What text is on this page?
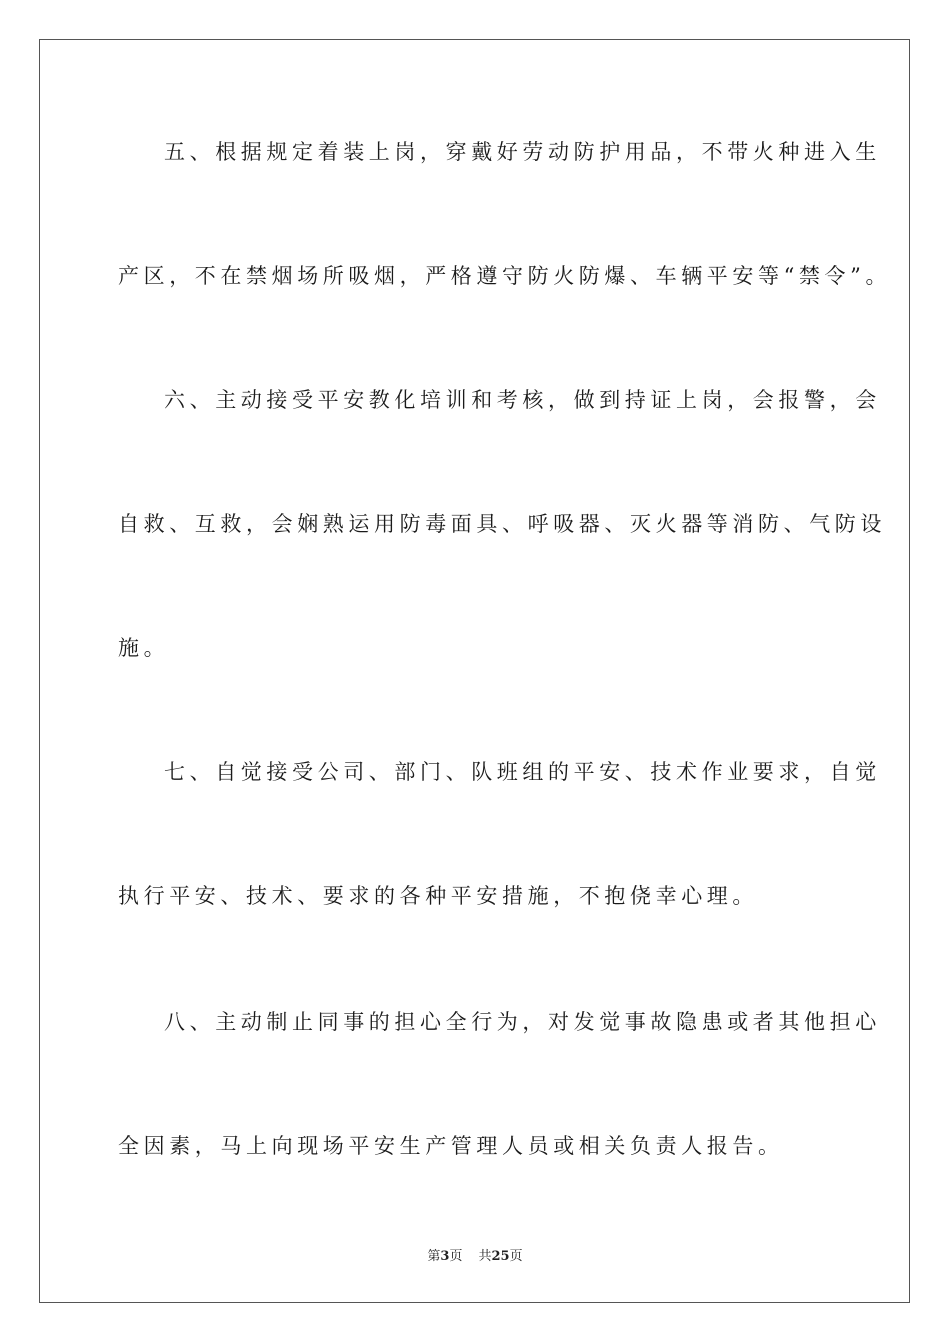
五、根据规定着装上岗，穿戴好劳动防护用品，不带火种进入生
产区，不在禁烟场所吸烟，严格遵守防火防爆、车辆平安等“禁令”。
六、主动接受平安教化培训和考核，做到持证上岗，会报警，会
自救、互救，会娴熟运用防毒面具、呼吸器、灭火器等消防、气防设
施。
七、自觉接受公司、部门、队班组的平安、技术作业要求，自觉
执行平安、技术、要求的各种平安措施，不抱侥幸心理。
八、主动制止同事的担心全行为，对发觉事故隐患或者其他担心
全因素，马上向现场平安生产管理人员或相关负责人报告。
第3页 共25页
